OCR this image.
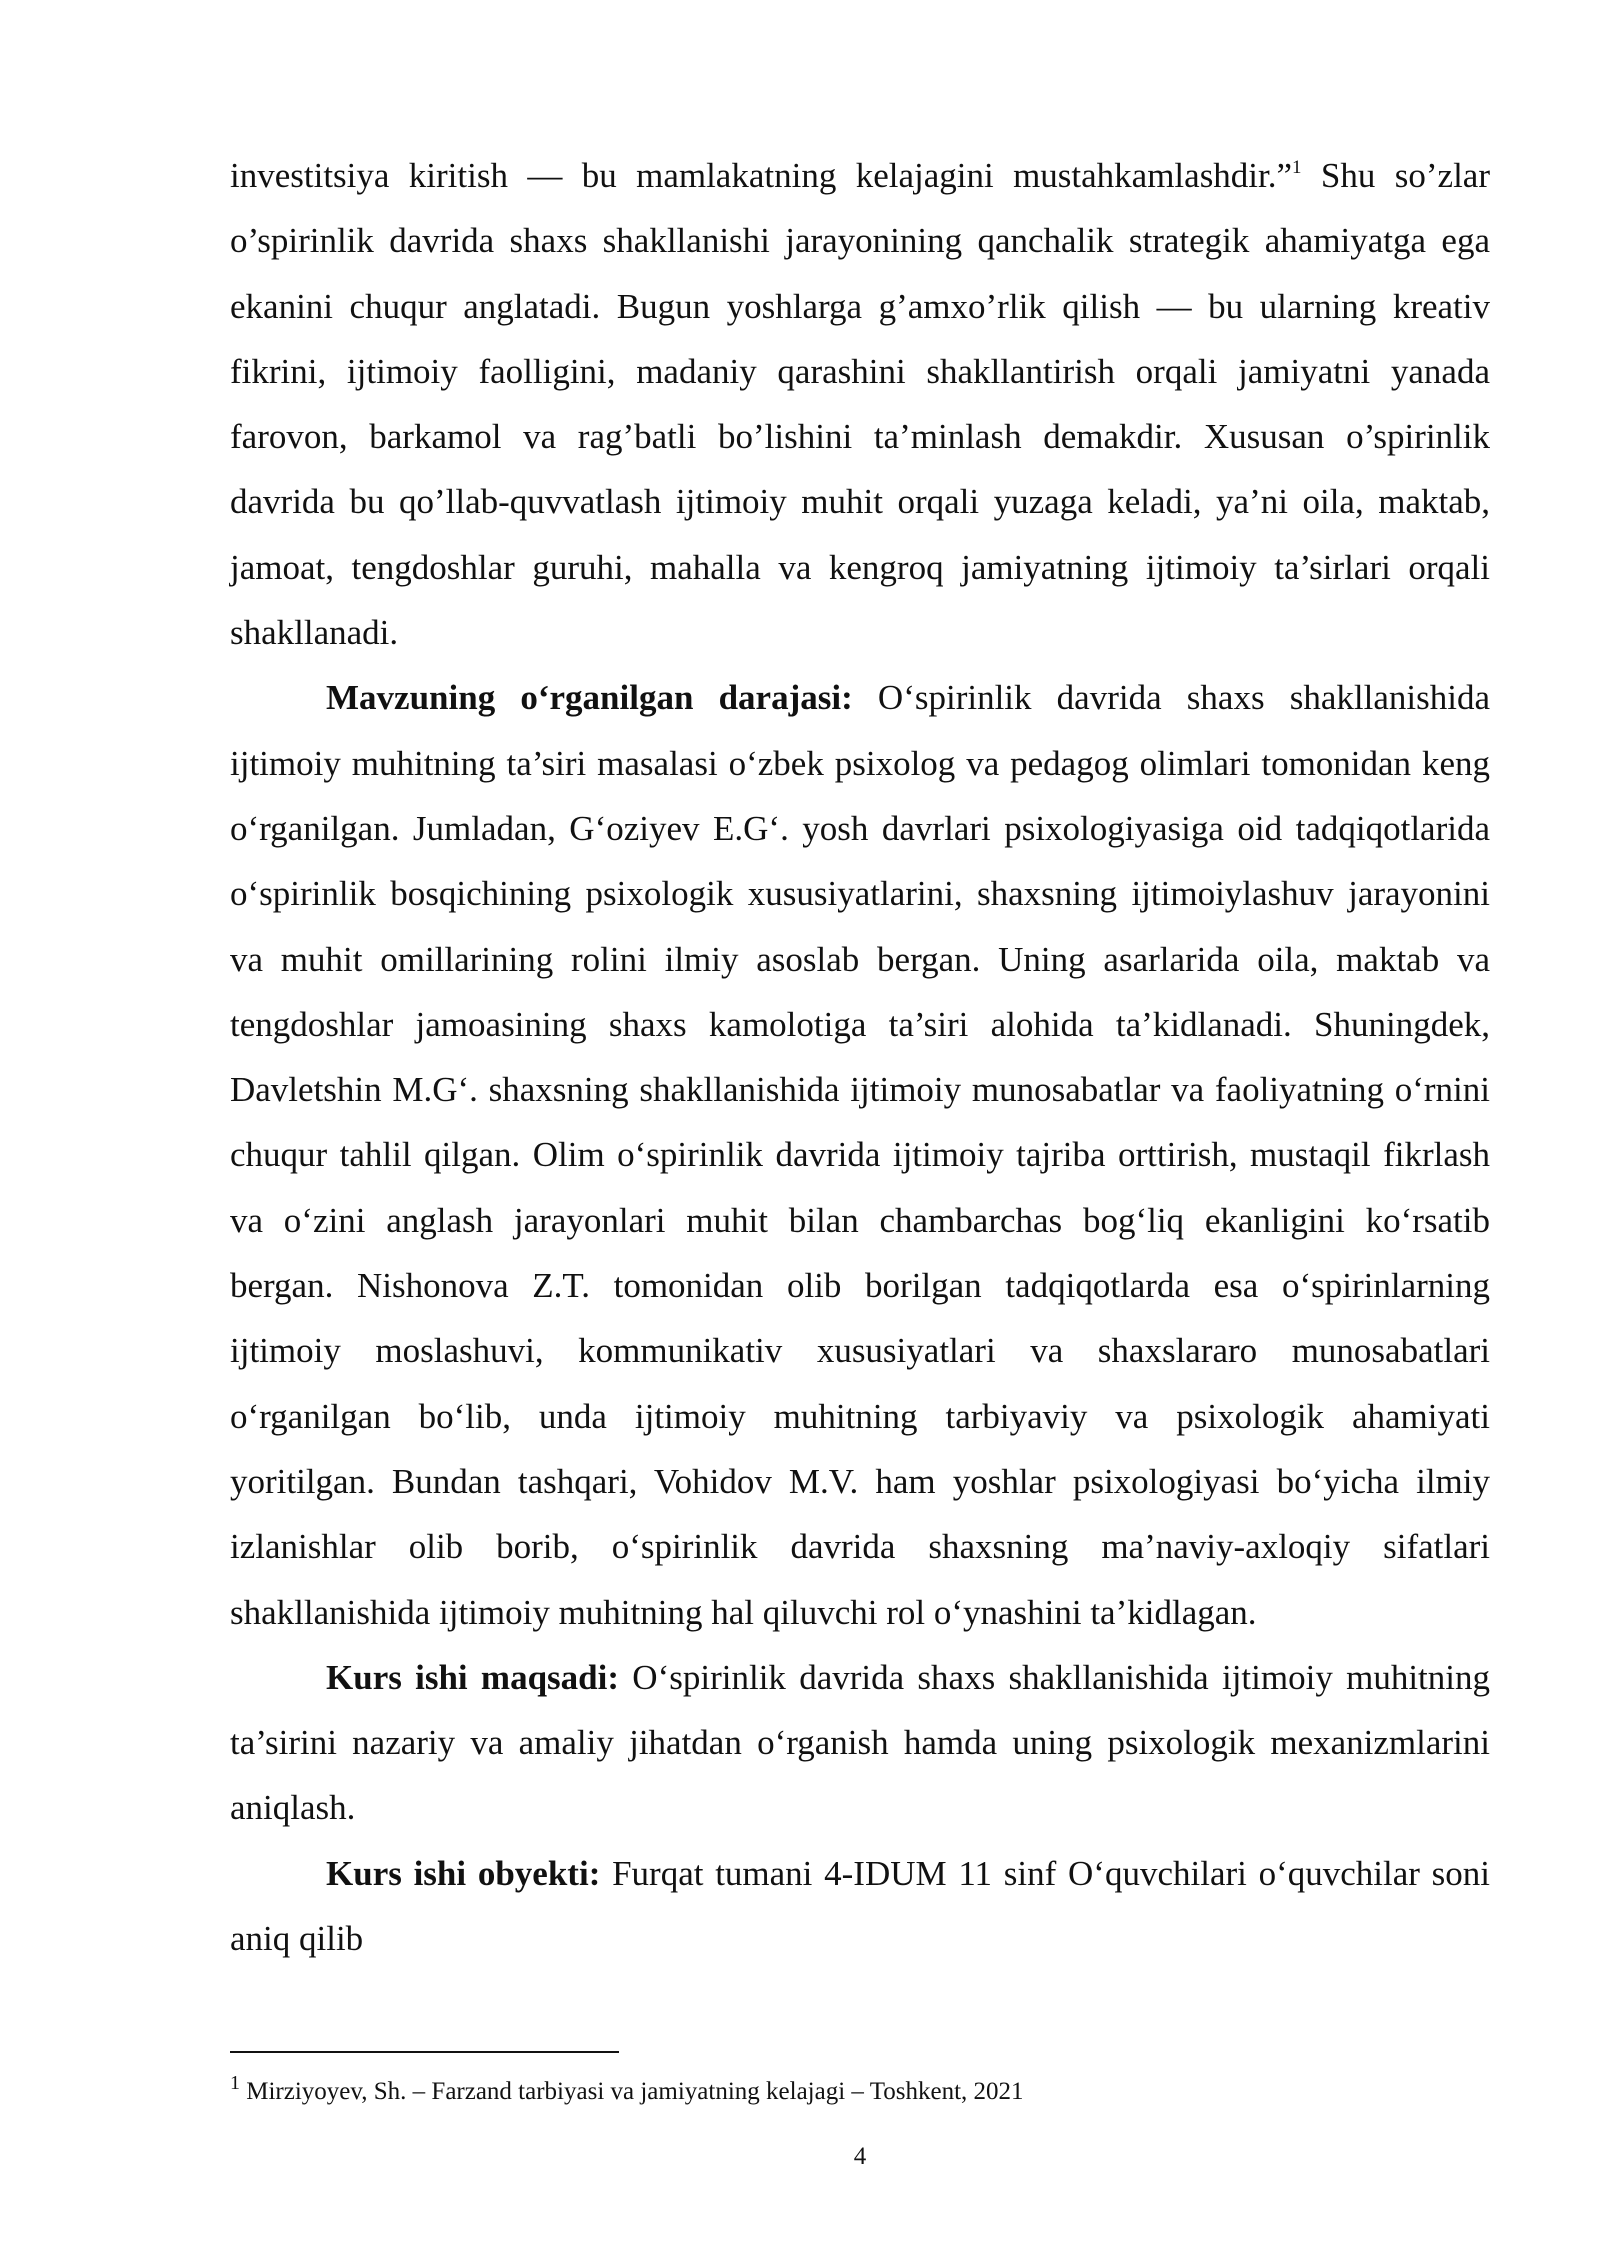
investitsiya kiritish — bu mamlakatning kelajagini mustahkamlashdir.”$^1$ Shu so’zlar o’spirinlik davrida shaxs shakllanishi jarayonining qanchalik strategik ahamiyatga ega ekanini chuqur anglatadi. Bugun yoshlarga g’amxo’rlik qilish — bu ularning kreativ fikrini, ijtimoiy faolligini, madaniy qarashini shakllantirish orqali jamiyatni yanada farovon, barkamol va rag’batli bo’lishini ta’minlash demakdir. Xususan o’spirinlik davrida bu qo’llab-quvvatlash ijtimoiy muhit orqali yuzaga keladi, ya’ni oila, maktab, jamoat, tengdoshlar guruhi, mahalla va kengroq jamiyatning ijtimoiy ta’sirlari orqali shakllanadi.

Mavzuning o‘rganilgan darajasi: O‘spirinlik davrida shaxs shakllanishida ijtimoiy muhitning ta’siri masalasi o‘zbek psixolog va pedagog olimlari tomonidan keng o‘rganilgan. Jumladan, G‘oziyev E.G‘. yosh davrlari psixologiyasiga oid tadqiqotlarida o‘spirinlik bosqichining psixologik xususiyatlarini, shaxsning ijtimoiylashuv jarayonini va muhit omillarining rolini ilmiy asoslab bergan. Uning asarlarida oila, maktab va tengdoshlar jamoasining shaxs kamolotiga ta’siri alohida ta’kidlanadi. Shuningdek, Davletshin M.G‘. shaxsning shakllanishida ijtimoiy munosabatlar va faoliyatning o‘rnini chuqur tahlil qilgan. Olim o‘spirinlik davrida ijtimoiy tajriba orttirish, mustaqil fikrlash va o‘zini anglash jarayonlari muhit bilan chambarchas bog‘liq ekanligini ko‘rsatib bergan. Nishonova Z.T. tomonidan olib borilgan tadqiqotlarda esa o‘spirinlarning ijtimoiy moslashuvi, kommunikativ xususiyatlari va shaxslararo munosabatlari o‘rganilgan bo‘lib, unda ijtimoiy muhitning tarbiyaviy va psixologik ahamiyati yoritilgan. Bundan tashqari, Vohidov M.V. ham yoshlar psixologiyasi bo‘yicha ilmiy izlanishlar olib borib, o‘spirinlik davrida shaxsning ma’naviy-axloqiy sifatlari shakllanishida ijtimoiy muhitning hal qiluvchi rol o‘ynashini ta’kidlagan.

Kurs ishi maqsadi: O‘spirinlik davrida shaxs shakllanishida ijtimoiy muhitning ta’sirini nazariy va amaliy jihatdan o‘rganish hamda uning psixologik mexanizmlarini aniqlash.

Kurs ishi obyekti: Furqat tumani 4-IDUM 11 sinf O‘quvchilari o‘quvchilar soni aniq qilib

$^1$ Mirziyoyev, Sh. – Farzand tarbiyasi va jamiyatning kelajagi – Toshkent, 2021
4
